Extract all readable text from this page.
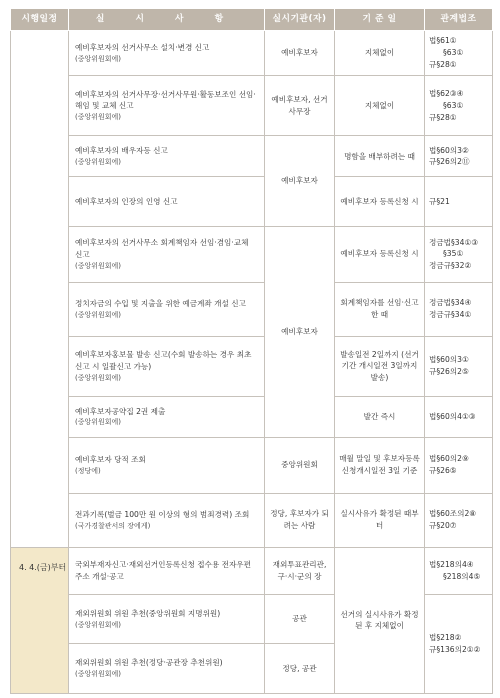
시행일정	실 시 사 항	실시기관(자)	기 준 일	관계법조

	예비후보자의 선거사무소 설치·변경 신고
(중앙위원회에)	예비후보자	지체없이	법§61①
§63①
규§28①

	예비후보자의 선거사무장·선거사무원·활동보조인 선임·해임 및 교체 신고
(중앙위원회에)	예비후보자, 선거사무장	지체없이	법§62③④
§63①
규§28①

	예비후보자의 배우자등 신고
(중앙위원회에)	예비후보자	명함을 배부하려는 때	법§60의3②
규§26의2⑪

	예비후보자의 인장의 인영 신고		예비후보자 등록신청 시	규§21

	예비후보자의 선거사무소 회계책임자 선임·겸임·교체 신고
(중앙위원회에)	예비후보자	예비후보자 등록신청 시	정금법§34①③
§35①
정금규§32②

	정치자금의 수입 및 지출을 위한 예금계좌 개설 신고
(중앙위원회에)		회계책임자를 선임·신고한 때	정금법§34④
정금규§34①

	예비후보자홍보물 발송 신고(수회 발송하는 경우 최초 신고 시 일괄신고 가능)
(중앙위원회에)		발송일전 2일까지 (선거기간 개시일전 3일까지 발송)	법§60의3①
규§26의2⑤

	예비후보자공약집 2권 제출
(중앙위원회에)		발간 즉시	법§60의4①③

	예비후보자 당적 조회
(정당에)	중앙위원회	매월 말일 및 후보자등록신청개시일전 3일 기준	법§60의2⑨
규§26⑤

	전과기록(벌금 100만 원 이상의 형의 범죄경력) 조회
(국가경찰관서의 장에게)	정당, 후보자가 되려는 사람	실시사유가 확정된 때부터	법§60조의2⑧
규§20⑦

4. 4.(금)부터	국외부재자신고·재외선거인등록신청 접수용 전자우편 주소 개설·공고	재외투표관리관, 구·시·군의 장	선거의 실시사유가 확정된 후 지체없이	법§218의4④
§218의4⑤

	재외위원회 위원 추천(중앙위원회 지명위원)
(중앙위원회에)	공관		법§218②
규§136의2①②

	재외위원회 위원 추천(정당·공관장 추천위원)
(중앙위원회에)	정당, 공관		
